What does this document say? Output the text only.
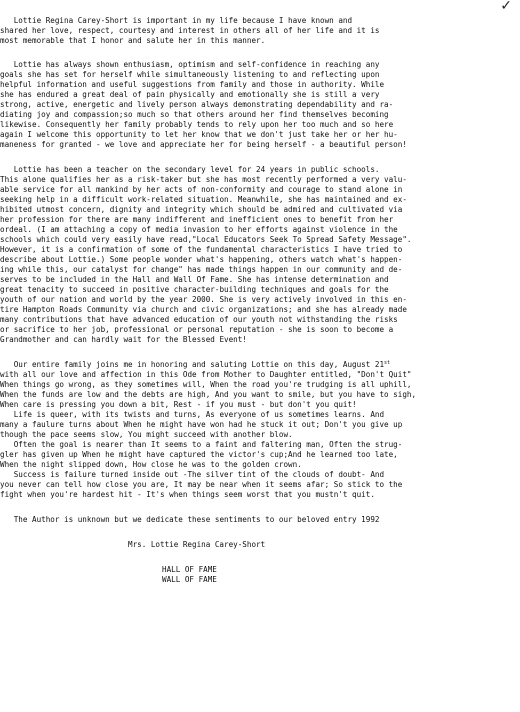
✓
Lottie Regina Carey-Short is important in my life because I have known and
shared her love, respect, courtesy and interest in others all of her life and it is
most memorable that I honor and salute her in this manner.
Lottie has always shown enthusiasm, optimism and self-confidence in reaching any
goals she has set for herself while simultaneously listening to and reflecting upon
helpful information and useful suggestions from family and those in authority. While
she has endured a great deal of pain physically and emotionally she is still a very
strong, active, energetic and lively person always demonstrating dependability and ra-
diating joy and compassion;so much so that others around her find themselves becoming
likewise. Consequently her family probably tends to rely upon her too much and so here
again I welcome this opportunity to let her know that we don't just take her or her hu-
maneness for granted - we love and appreciate her for being herself - a beautiful person!
Lottie has been a teacher on the secondary level for 24 years in public schools.
This alone qualifies her as a risk-taker but she has most recently performed a very valu-
able service for all mankind by her acts of non-conformity and courage to stand alone in
seeking help in a difficult work-related situation. Meanwhile, she has maintained and ex-
hibited utmost concern, dignity and integrity which should be admired and cultivated via
her profession for there are many indifferent and inefficient ones to benefit from her
ordeal. (I am attaching a copy of media invasion to her efforts against violence in the
schools which could very easily have read,"Local Educators Seek To Spread Safety Message".
However, it is a confirmation of some of the fundamental characteristics I have tried to
describe about Lottie.) Some people wonder what's happening, others watch what's happen-
ing while this, our catalyst for change" has made things happen in our community and de-
serves to be included in the Hall and Wall Of Fame. She has intense determination and
great tenacity to succeed in positive character-building techniques and goals for the
youth of our nation and world by the year 2000. She is very actively involved in this en-
tire Hampton Roads Community via church and civic organizations; and she has already made
many contributions that have advanced education of our youth not withstanding the risks
or sacrifice to her job, professional or personal reputation - she is soon to become a
Grandmother and can hardly wait for the Blessed Event!
Our entire family joins me in honoring and saluting Lottie on this day, August 21st
with all our love and affection in this Ode from Mother to Daughter entitled, "Don't Quit"
When things go wrong, as they sometimes will, When the road you're trudging is all uphill,
When the funds are low and the debts are high, And you want to smile, but you have to sigh,
When care is pressing you down a bit, Rest - if you must - but don't you quit!
Life is queer, with its twists and turns, As everyone of us sometimes learns. And
many a faulure turns about When he might have won had he stuck it out; Don't you give up
though the pace seems slow, You might succeed with another blow.
Often the goal is nearer than It seems to a faint and faltering man, Often the strug-
gler has given up When he might have captured the victor's cup;And he learned too late,
When the night slipped down, How close he was to the golden crown.
Success is failure turned inside out -The silver tint of the clouds of doubt- And
you never can tell how close you are, It may be near when it seems afar; So stick to the
fight when you're hardest hit - It's when things seem worst that you mustn't quit.
The Author is unknown but we dedicate these sentiments to our beloved entry 1992
Mrs. Lottie Regina Carey-Short
HALL OF FAME
WALL OF FAME
